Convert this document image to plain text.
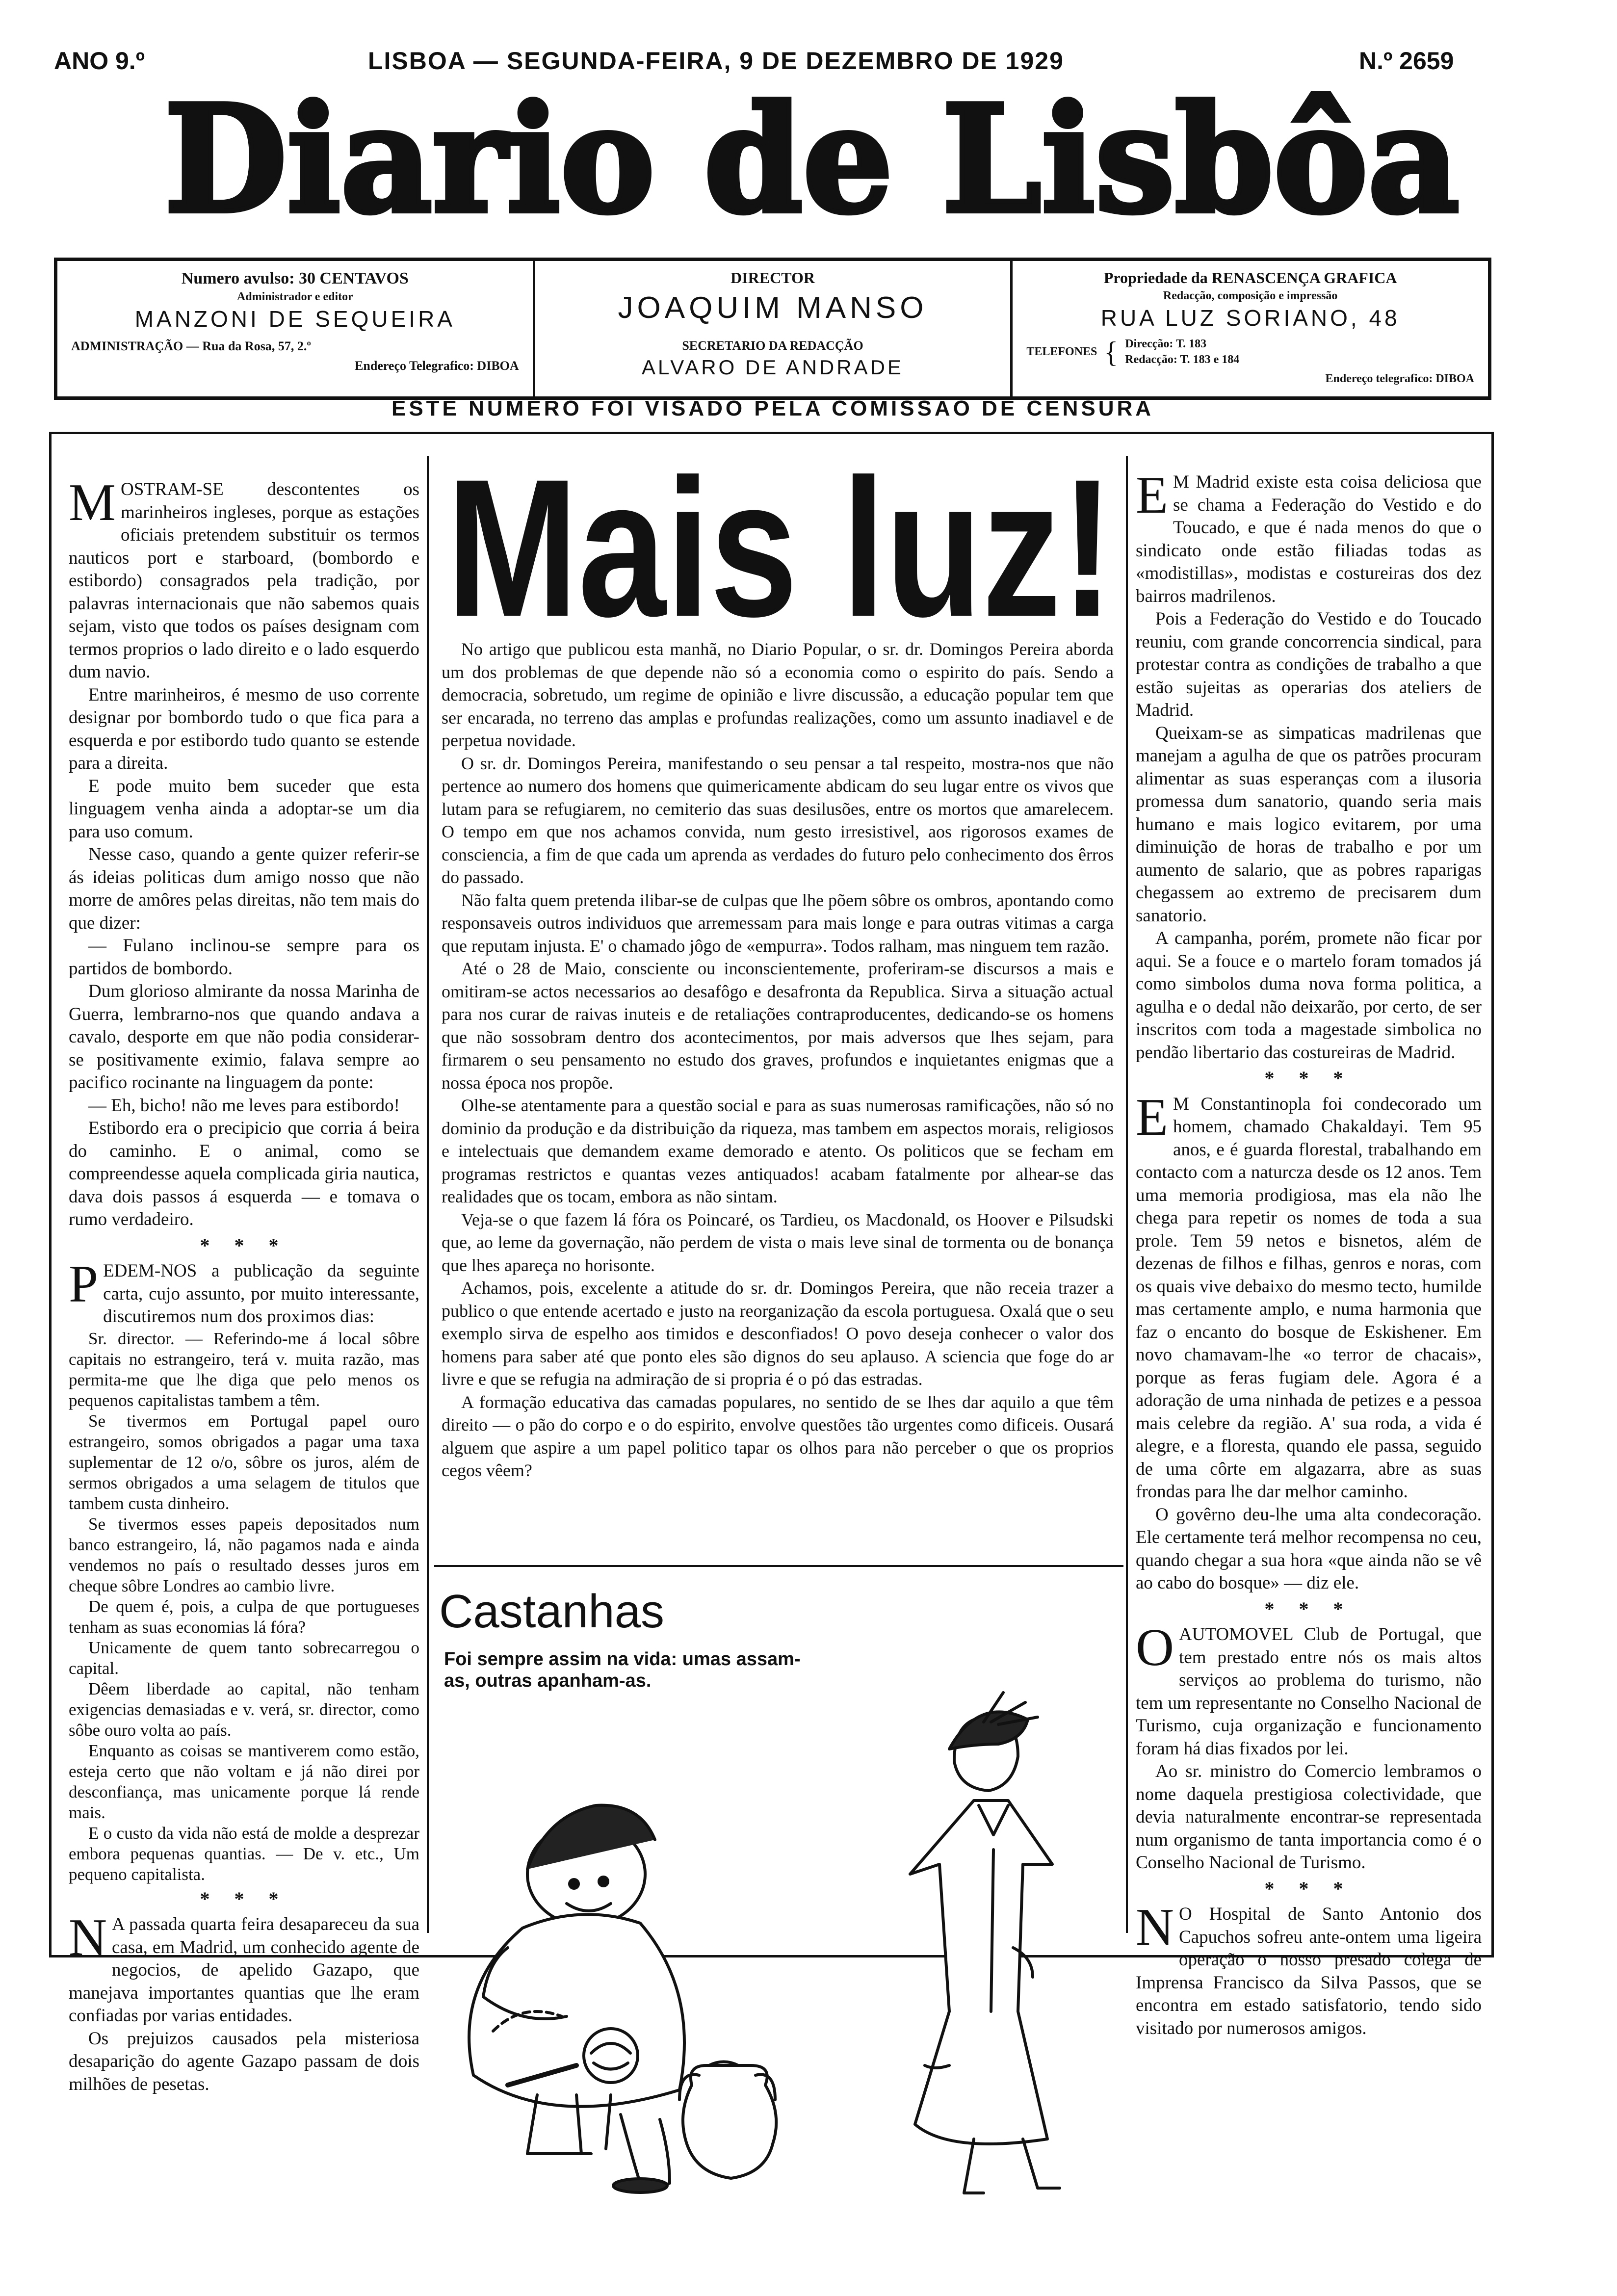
ANO 9.º	LISBOA — SEGUNDA-FEIRA, 9 DE DEZEMBRO DE 1929	N.º 2659
Diario de Lisbôa
Numero avulso: 30 CENTAVOS
Administrador e editor
MANZONI DE SEQUEIRA
ADMINISTRAÇÃO — Rua da Rosa, 57, 2.º
Endereço Telegrafico: DIBOA
DIRECTOR
JOAQUIM MANSO
SECRETARIO DA REDACÇÃO
ALVARO DE ANDRADE
Propriedade da RENASCENÇA GRAFICA
Redacção, composição e impressão
RUA LUZ SORIANO, 48
TELEFONES { Direcção: T. 183
Redacção: T. 183 e 184
Endereço telegrafico: DIBOA
ESTE NUMERO FOI VISADO PELA COMISSÃO DE CENSURA

MOSTRAM-SE descontentes os marinheiros ingleses, porque as estações oficiais pretendem substituir os termos nauticos port e starboard, (bombordo e estibordo) consagrados pela tradição, por palavras internacionais que não sabemos quais sejam, visto que todos os países designam com termos proprios o lado direito e o lado esquerdo dum navio.

Entre marinheiros, é mesmo de uso corrente designar por bombordo tudo o que fica para a esquerda e por estibordo tudo quanto se estende para a direita.

E pode muito bem suceder que esta linguagem venha ainda a adoptar-se um dia para uso comum.

Nesse caso, quando a gente quizer referir-se ás ideias politicas dum amigo nosso que não morre de amôres pelas direitas, não tem mais do que dizer:

— Fulano inclinou-se sempre para os partidos de bombordo.

Dum glorioso almirante da nossa Marinha de Guerra, lembrarno-nos que quando andava a cavalo, desporte em que não podia considerar-se positivamente eximio, falava sempre ao pacifico rocinante na linguagem da ponte:

— Eh, bicho! não me leves para estibordo!

Estibordo era o precipicio que corria á beira do caminho. E o animal, como se compreendesse aquela complicada giria nautica, dava dois passos á esquerda — e tomava o rumo verdadeiro.

* * *

PEDEM-NOS a publicação da seguinte carta, cujo assunto, por muito interessante, discutiremos num dos proximos dias:

Sr. director. — Referindo-me á local sôbre capitais no estrangeiro, terá v. muita razão, mas permita-me que lhe diga que pelo menos os pequenos capitalistas tambem a têm.

Se tivermos em Portugal papel ouro estrangeiro, somos obrigados a pagar uma taxa suplementar de 12 o/o, sôbre os juros, além de sermos obrigados a uma selagem de titulos que tambem custa dinheiro.

Se tivermos esses papeis depositados num banco estrangeiro, lá, não pagamos nada e ainda vendemos no país o resultado desses juros em cheque sôbre Londres ao cambio livre.

De quem é, pois, a culpa de que portugueses tenham as suas economias lá fóra?

Unicamente de quem tanto sobrecarregou o capital.

Dêem liberdade ao capital, não tenham exigencias demasiadas e v. verá, sr. director, como sôbe ouro volta ao país.

Enquanto as coisas se mantiverem como estão, esteja certo que não voltam e já não direi por desconfiança, mas unicamente porque lá rende mais.

E o custo da vida não está de molde a desprezar embora pequenas quantias. — De v. etc., Um pequeno capitalista.

* * *

N A passada quarta feira desapareceu da sua casa, em Madrid, um conhecido agente de negocios, de apelido Gazapo, que manejava importantes quantias que lhe eram confiadas por varias entidades.

Os prejuizos causados pela misteriosa desaparição do agente Gazapo passam de dois milhões de pesetas.

Mais luz!

No artigo que publicou esta manhã, no Diario Popular, o sr. dr. Domingos Pereira aborda um dos problemas de que depende não só a economia como o espirito do país. Sendo a democracia, sobretudo, um regime de opinião e livre discussão, a educação popular tem que ser encarada, no terreno das amplas e profundas realizações, como um assunto inadiavel e de perpetua novidade.

O sr. dr. Domingos Pereira, manifestando o seu pensar a tal respeito, mostra-nos que não pertence ao numero dos homens que quimericamente abdicam do seu lugar entre os vivos que lutam para se refugiarem, no cemiterio das suas desilusões, entre os mortos que amarelecem. O tempo em que nos achamos convida, num gesto irresistivel, aos rigorosos exames de consciencia, a fim de que cada um aprenda as verdades do futuro pelo conhecimento dos êrros do passado.

Não falta quem pretenda ilibar-se de culpas que lhe põem sôbre os ombros, apontando como responsaveis outros individuos que arremessam para mais longe e para outras vitimas a carga que reputam injusta. E' o chamado jôgo de «empurra». Todos ralham, mas ninguem tem razão.

Até o 28 de Maio, consciente ou inconscientemente, proferiram-se discursos a mais e omitiram-se actos necessarios ao desafôgo e desafronta da Republica. Sirva a situação actual para nos curar de raivas inuteis e de retaliações contraproducentes, dedicando-se os homens que não sossobram dentro dos acontecimentos, por mais adversos que lhes sejam, para firmarem o seu pensamento no estudo dos graves, profundos e inquietantes enigmas que a nossa época nos propõe.

Olhe-se atentamente para a questão social e para as suas numerosas ramificações, não só no dominio da produção e da distribuição da riqueza, mas tambem em aspectos morais, religiosos e intelectuais que demandem exame demorado e atento. Os politicos que se fecham em programas restrictos e quantas vezes antiquados! acabam fatalmente por alhear-se das realidades que os tocam, embora as não sintam.

Veja-se o que fazem lá fóra os Poincaré, os Tardieu, os Macdonald, os Hoover e Pilsudski que, ao leme da governação, não perdem de vista o mais leve sinal de tormenta ou de bonança que lhes apareça no horisonte.

Achamos, pois, excelente a atitude do sr. dr. Domingos Pereira, que não receia trazer a publico o que entende acertado e justo na reorganização da escola portuguesa. Oxalá que o seu exemplo sirva de espelho aos timidos e desconfiados! O povo deseja conhecer o valor dos homens para saber até que ponto eles são dignos do seu aplauso. A sciencia que foge do ar livre e que se refugia na admiração de si propria é o pó das estradas.

A formação educativa das camadas populares, no sentido de se lhes dar aquilo a que têm direito — o pão do corpo e o do espirito, envolve questões tão urgentes como dificeis. Ousará alguem que aspire a um papel politico tapar os olhos para não perceber o que os proprios cegos vêem?

Castanhas
Foi sempre assim na vida: umas assam-as, outras apanham-as.

E M Madrid existe esta coisa deliciosa que se chama a Federação do Vestido e do Toucado, e que é nada menos do que o sindicato onde estão filiadas todas as «modistillas», modistas e costureiras dos dez bairros madrilenos.

Pois a Federação do Vestido e do Toucado reuniu, com grande concorrencia sindical, para protestar contra as condições de trabalho a que estão sujeitas as operarias dos ateliers de Madrid.

Queixam-se as simpaticas madrilenas que manejam a agulha de que os patrões procuram alimentar as suas esperanças com a ilusoria promessa dum sanatorio, quando seria mais humano e mais logico evitarem, por uma diminuição de horas de trabalho e por um aumento de salario, que as pobres raparigas chegassem ao extremo de precisarem dum sanatorio.

A campanha, porém, promete não ficar por aqui. Se a fouce e o martelo foram tomados já como simbolos duma nova forma politica, a agulha e o dedal não deixarão, por certo, de ser inscritos com toda a magestade simbolica no pendão libertario das costureiras de Madrid.

* * *

E M Constantinopla foi condecorado um homem, chamado Chakaldayi. Tem 95 anos, e é guarda florestal, trabalhando em contacto com a naturcza desde os 12 anos. Tem uma memoria prodigiosa, mas ela não lhe chega para repetir os nomes de toda a sua prole. Tem 59 netos e bisnetos, além de dezenas de filhos e filhas, genros e noras, com os quais vive debaixo do mesmo tecto, humilde mas certamente amplo, e numa harmonia que faz o encanto do bosque de Eskishener. Em novo chamavam-lhe «o terror de chacais», porque as feras fugiam dele. Agora é a adoração de uma ninhada de petizes e a pessoa mais celebre da região. A' sua roda, a vida é alegre, e a floresta, quando ele passa, seguido de uma côrte em algazarra, abre as suas frondas para lhe dar melhor caminho.

O govêrno deu-lhe uma alta condecoração. Ele certamente terá melhor recompensa no ceu, quando chegar a sua hora «que ainda não se vê ao cabo do bosque» — diz ele.

* * *

OAUTOMOVEL Club de Portugal, que tem prestado entre nós os mais altos serviços ao problema do turismo, não tem um representante no Conselho Nacional de Turismo, cuja organização e funcionamento foram há dias fixados por lei.

Ao sr. ministro do Comercio lembramos o nome daquela prestigiosa colectividade, que devia naturalmente encontrar-se representada num organismo de tanta importancia como é o Conselho Nacional de Turismo.

* * *

N O Hospital de Santo Antonio dos Capuchos sofreu ante-ontem uma ligeira operação o nosso presado colega de Imprensa Francisco da Silva Passos, que se encontra em estado satisfatorio, tendo sido visitado por numerosos amigos.
